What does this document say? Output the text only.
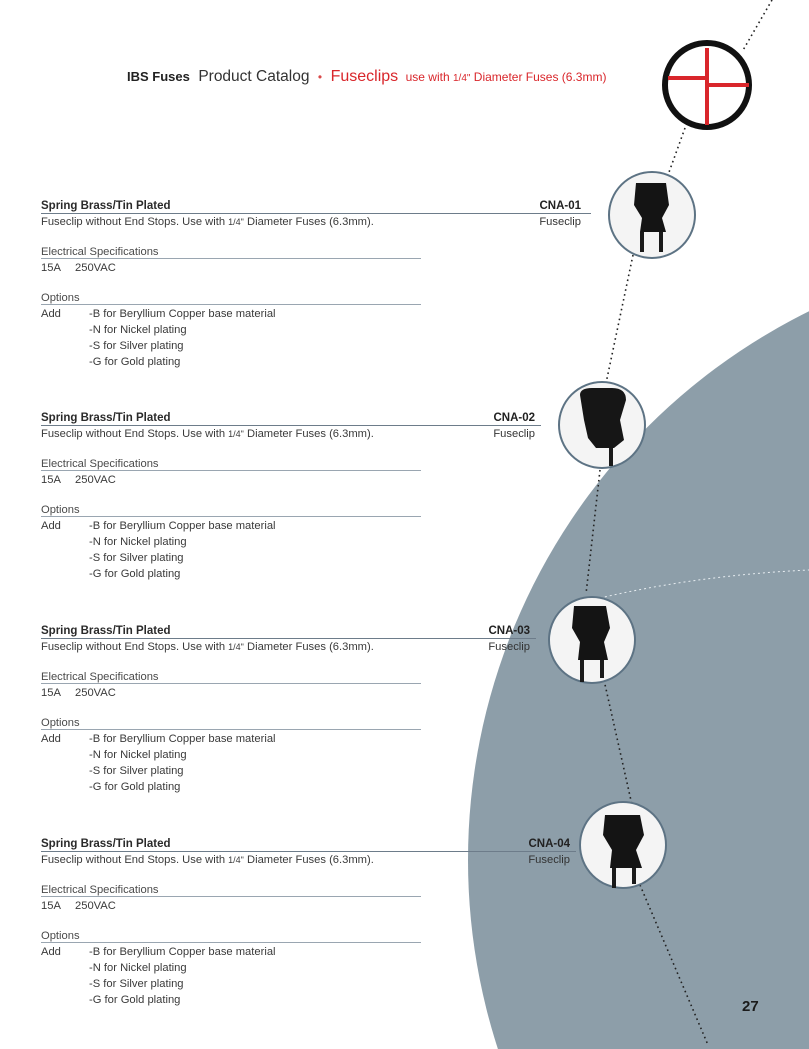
IBS Fuses Product Catalog • Fuseclips use with 1/4" Diameter Fuses (6.3mm)
Spring Brass/Tin Plated	CNA-01
Fuseclip without End Stops. Use with 1/4" Diameter Fuses (6.3mm).	Fuseclip
Electrical Specifications
15A 250VAC
Options
Add	-B for Beryllium Copper base material
-N for Nickel plating
-S for Silver plating
-G for Gold plating
Spring Brass/Tin Plated	CNA-02
Fuseclip without End Stops. Use with 1/4" Diameter Fuses (6.3mm).	Fuseclip
Electrical Specifications
15A 250VAC
Options
Add	-B for Beryllium Copper base material
-N for Nickel plating
-S for Silver plating
-G for Gold plating
Spring Brass/Tin Plated	CNA-03
Fuseclip without End Stops. Use with 1/4" Diameter Fuses (6.3mm).	Fuseclip
Electrical Specifications
15A 250VAC
Options
Add	-B for Beryllium Copper base material
-N for Nickel plating
-S for Silver plating
-G for Gold plating
Spring Brass/Tin Plated	CNA-04
Fuseclip without End Stops. Use with 1/4" Diameter Fuses (6.3mm).	Fuseclip
Electrical Specifications
15A 250VAC
Options
Add	-B for Beryllium Copper base material
-N for Nickel plating
-S for Silver plating
-G for Gold plating	27
